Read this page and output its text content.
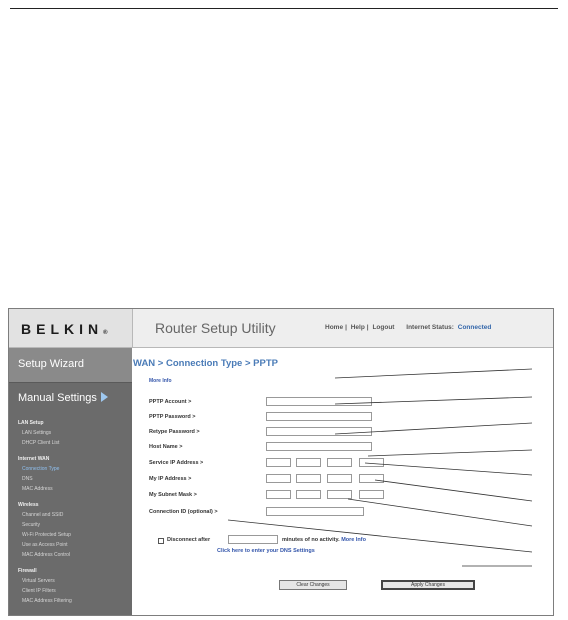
BELKIN®	Router Setup Utility	Home | Help | Logout Internet Status: Connected
Setup Wizard
Manual Settings
LAN Setup
LAN Settings
DHCP Client List
Internet WAN
Connection Type
DNS
MAC Address
Wireless
Channel and SSID
Security
Wi-Fi Protected Setup
Use as Access Point
MAC Address Control
Firewall
Virtual Servers
Client IP Filters
MAC Address Filtering
WAN > Connection Type > PPTP
More Info
PPTP Account >
PPTP Password >
Retype Password >
Host Name >
Service IP Address >
My IP Address >
My Subnet Mask >
Connection ID (optional) >
Disconnect after	minutes of no activity. More Info
Click here to enter your DNS Settings
Clear Changes	Apply Changes
